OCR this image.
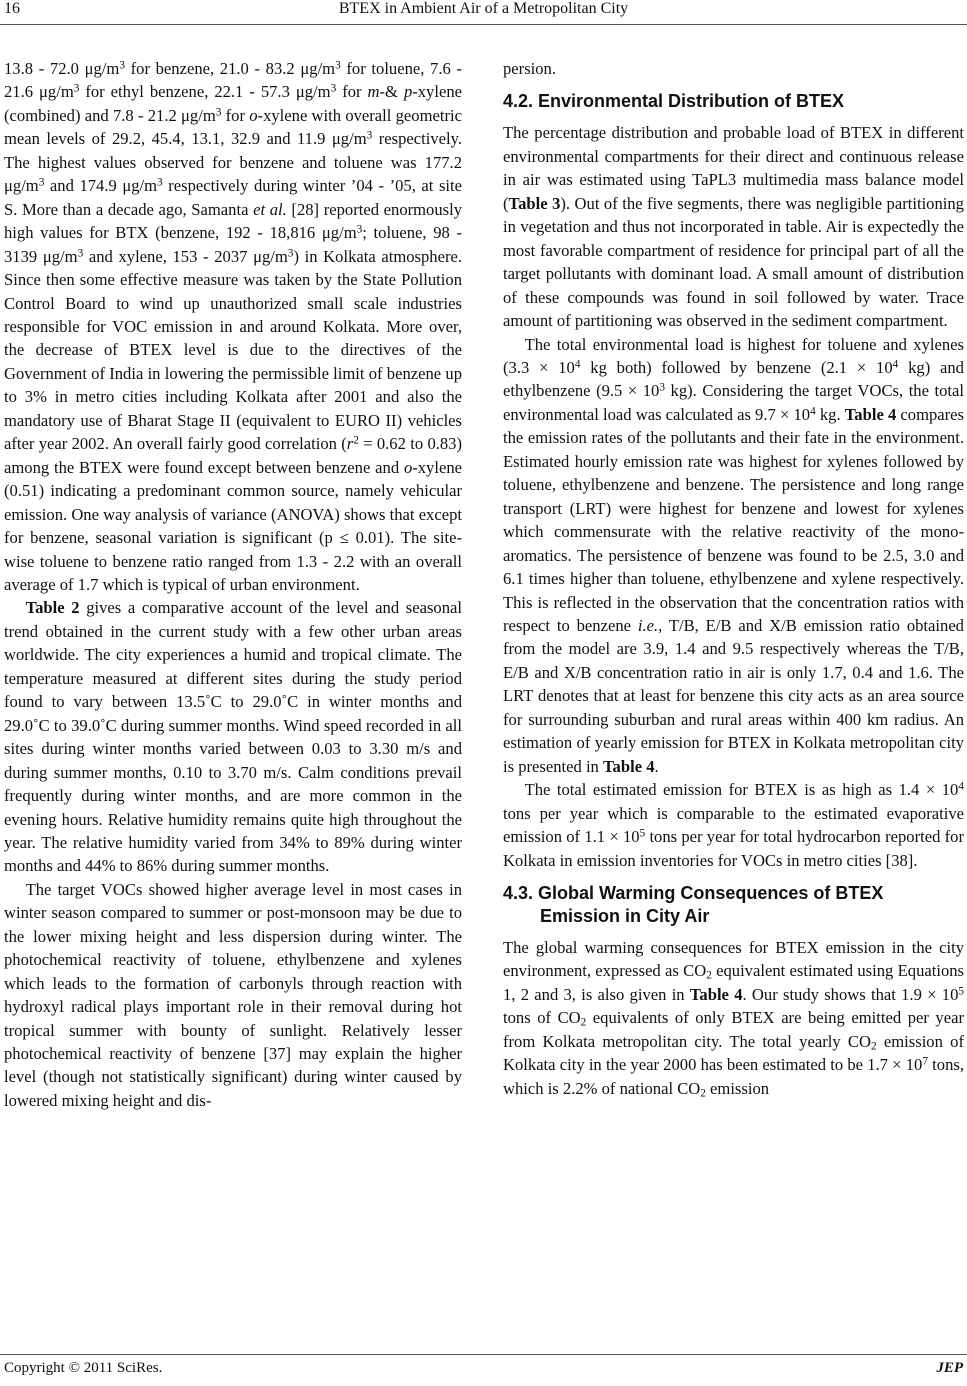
16	BTEX in Ambient Air of a Metropolitan City

13.8 - 72.0 $\mu g/m^3$ for benzene, 21.0 - 83.2 $\mu g/m^3$ for toluene, 7.6 - 21.6 $\mu g/m^3$ for ethyl benzene, 22.1 - 57.3 $\mu g/m^3$ for m-& p-xylene (combined) and 7.8 - 21.2 $\mu g/m^3$ for o-xylene with overall geometric mean levels of 29.2, 45.4, 13.1, 32.9 and 11.9 $\mu g/m^3$ respectively. The highest values observed for benzene and toluene was 177.2 $\mu g/m^3$ and 174.9 $\mu g/m^3$ respectively during winter ’04 - ’05, at site S. More than a decade ago, Samanta et al. [28] reported enormously high values for BTX (benzene, 192 - 18,816 $\mu g/m^3$; toluene, 98 - 3139 $\mu g/m^3$ and xylene, 153 - 2037 $\mu g/m^3$) in Kolkata atmosphere. Since then some effective measure was taken by the State Pollution Control Board to wind up unauthorized small scale industries responsible for VOC emission in and around Kolkata. More over, the decrease of BTEX level is due to the directives of the Government of India in lowering the permissible limit of benzene up to 3% in metro cities including Kolkata after 2001 and also the mandatory use of Bharat Stage II (equivalent to EURO II) vehicles after year 2002. An overall fairly good correlation ($r^2 = 0.62$ to 0.83) among the BTEX were found except between benzene and o-xylene (0.51) indicating a predominant common source, namely vehicular emission. One way analysis of variance (ANOVA) shows that except for benzene, seasonal variation is significant (p ≤ 0.01). The site-wise toluene to benzene ratio ranged from 1.3 - 2.2 with an overall average of 1.7 which is typical of urban environment.

Table 2 gives a comparative account of the level and seasonal trend obtained in the current study with a few other urban areas worldwide. The city experiences a humid and tropical climate. The temperature measured at different sites during the study period found to vary between 13.5˚C to 29.0˚C in winter months and 29.0˚C to 39.0˚C during summer months. Wind speed recorded in all sites during winter months varied between 0.03 to 3.30 m/s and during summer months, 0.10 to 3.70 m/s. Calm conditions prevail frequently during winter months, and are more common in the evening hours. Relative humidity remains quite high throughout the year. The relative humidity varied from 34% to 89% during winter months and 44% to 86% during summer months.

The target VOCs showed higher average level in most cases in winter season compared to summer or post-monsoon may be due to the lower mixing height and less dispersion during winter. The photochemical reactivity of toluene, ethylbenzene and xylenes which leads to the formation of carbonyls through reaction with hydroxyl radical plays important role in their removal during hot tropical summer with bounty of sunlight. Relatively lesser photochemical reactivity of benzene [37] may explain the higher level (though not statistically significant) during winter caused by lowered mixing height and dis-

persion.

4.2. Environmental Distribution of BTEX

The percentage distribution and probable load of BTEX in different environmental compartments for their direct and continuous release in air was estimated using TaPL3 multimedia mass balance model (Table 3). Out of the five segments, there was negligible partitioning in vegetation and thus not incorporated in table. Air is expectedly the most favorable compartment of residence for principal part of all the target pollutants with dominant load. A small amount of distribution of these compounds was found in soil followed by water. Trace amount of partitioning was observed in the sediment compartment.

The total environmental load is highest for toluene and xylenes ($3.3 \times 10^4$ kg both) followed by benzene ($2.1 \times 10^4$ kg) and ethylbenzene ($9.5 \times 10^3$ kg). Considering the target VOCs, the total environmental load was calculated as $9.7 \times 10^4$ kg. Table 4 compares the emission rates of the pollutants and their fate in the environment. Estimated hourly emission rate was highest for xylenes followed by toluene, ethylbenzene and benzene. The persistence and long range transport (LRT) were highest for benzene and lowest for xylenes which commensurate with the relative reactivity of the mono-aromatics. The persistence of benzene was found to be 2.5, 3.0 and 6.1 times higher than toluene, ethylbenzene and xylene respectively. This is reflected in the observation that the concentration ratios with respect to benzene i.e., T/B, E/B and X/B emission ratio obtained from the model are 3.9, 1.4 and 9.5 respectively whereas the T/B, E/B and X/B concentration ratio in air is only 1.7, 0.4 and 1.6. The LRT denotes that at least for benzene this city acts as an area source for surrounding suburban and rural areas within 400 km radius. An estimation of yearly emission for BTEX in Kolkata metropolitan city is presented in Table 4.

The total estimated emission for BTEX is as high as $1.4 \times 10^4$ tons per year which is comparable to the estimated evaporative emission of $1.1 \times 10^5$ tons per year for total hydrocarbon reported for Kolkata in emission inventories for VOCs in metro cities [38].

4.3. Global Warming Consequences of BTEX
Emission in City Air

The global warming consequences for BTEX emission in the city environment, expressed as $CO_2$ equivalent estimated using Equations 1, 2 and 3, is also given in Table 4. Our study shows that $1.9 \times 10^5$ tons of $CO_2$ equivalents of only BTEX are being emitted per year from Kolkata metropolitan city. The total yearly $CO_2$ emission of Kolkata city in the year 2000 has been estimated to be $1.7 \times 10^7$ tons, which is 2.2% of national $CO_2$ emission

Copyright © 2011 SciRes.	JEP
